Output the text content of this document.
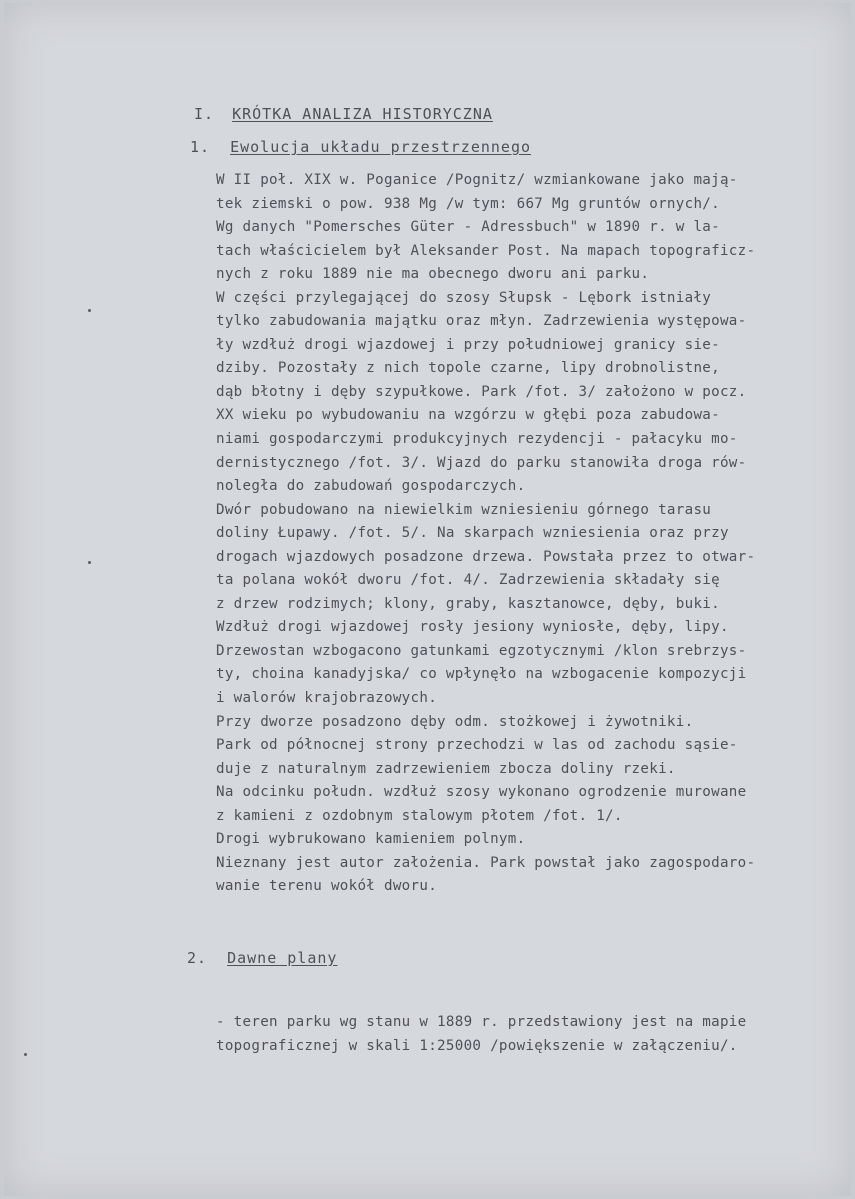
I. KRÓTKA ANALIZA HISTORYCZNA
1. Ewolucja układu przestrzennego
W II poł. XIX w. Poganice /Pognitz/ wzmiankowane jako mają-
tek ziemski o pow. 938 Mg /w tym: 667 Mg gruntów ornych/.
Wg danych "Pomersches Güter - Adressbuch" w 1890 r. w la-
tach właścicielem był Aleksander Post. Na mapach topograficz-
nych z roku 1889 nie ma obecnego dworu ani parku.
W części przylegającej do szosy Słupsk - Lębork istniały
tylko zabudowania majątku oraz młyn. Zadrzewienia występowa-
ły wzdłuż drogi wjazdowej i przy południowej granicy sie-
dziby. Pozostały z nich topole czarne, lipy drobnolistne,
dąb błotny i dęby szypułkowe. Park /fot. 3/ założono w pocz.
XX wieku po wybudowaniu na wzgórzu w głębi poza zabudowa-
niami gospodarczymi produkcyjnych rezydencji - pałacyku mo-
dernistycznego /fot. 3/. Wjazd do parku stanowiła droga rów-
noległa do zabudowań gospodarczych.
Dwór pobudowano na niewielkim wzniesieniu górnego tarasu
doliny Łupawy. /fot. 5/. Na skarpach wzniesienia oraz przy
drogach wjazdowych posadzone drzewa. Powstała przez to otwar-
ta polana wokół dworu /fot. 4/. Zadrzewienia składały się
z drzew rodzimych; klony, graby, kasztanowce, dęby, buki.
Wzdłuż drogi wjazdowej rosły jesiony wyniosłe, dęby, lipy.
Drzewostan wzbogacono gatunkami egzotycznymi /klon srebrzys-
ty, choina kanadyjska/ co wpłynęło na wzbogacenie kompozycji
i walorów krajobrazowych.
Przy dworze posadzono dęby odm. stożkowej i żywotniki.
Park od północnej strony przechodzi w las od zachodu sąsie-
duje z naturalnym zadrzewieniem zbocza doliny rzeki.
Na odcinku połudn. wzdłuż szosy wykonano ogrodzenie murowane
z kamieni z ozdobnym stalowym płotem /fot. 1/.
Drogi wybrukowano kamieniem polnym.
Nieznany jest autor założenia. Park powstał jako zagospodaro-
wanie terenu wokół dworu.
2. Dawne plany
- teren parku wg stanu w 1889 r. przedstawiony jest na mapie
topograficznej w skali 1:25000 /powiększenie w załączeniu/.
